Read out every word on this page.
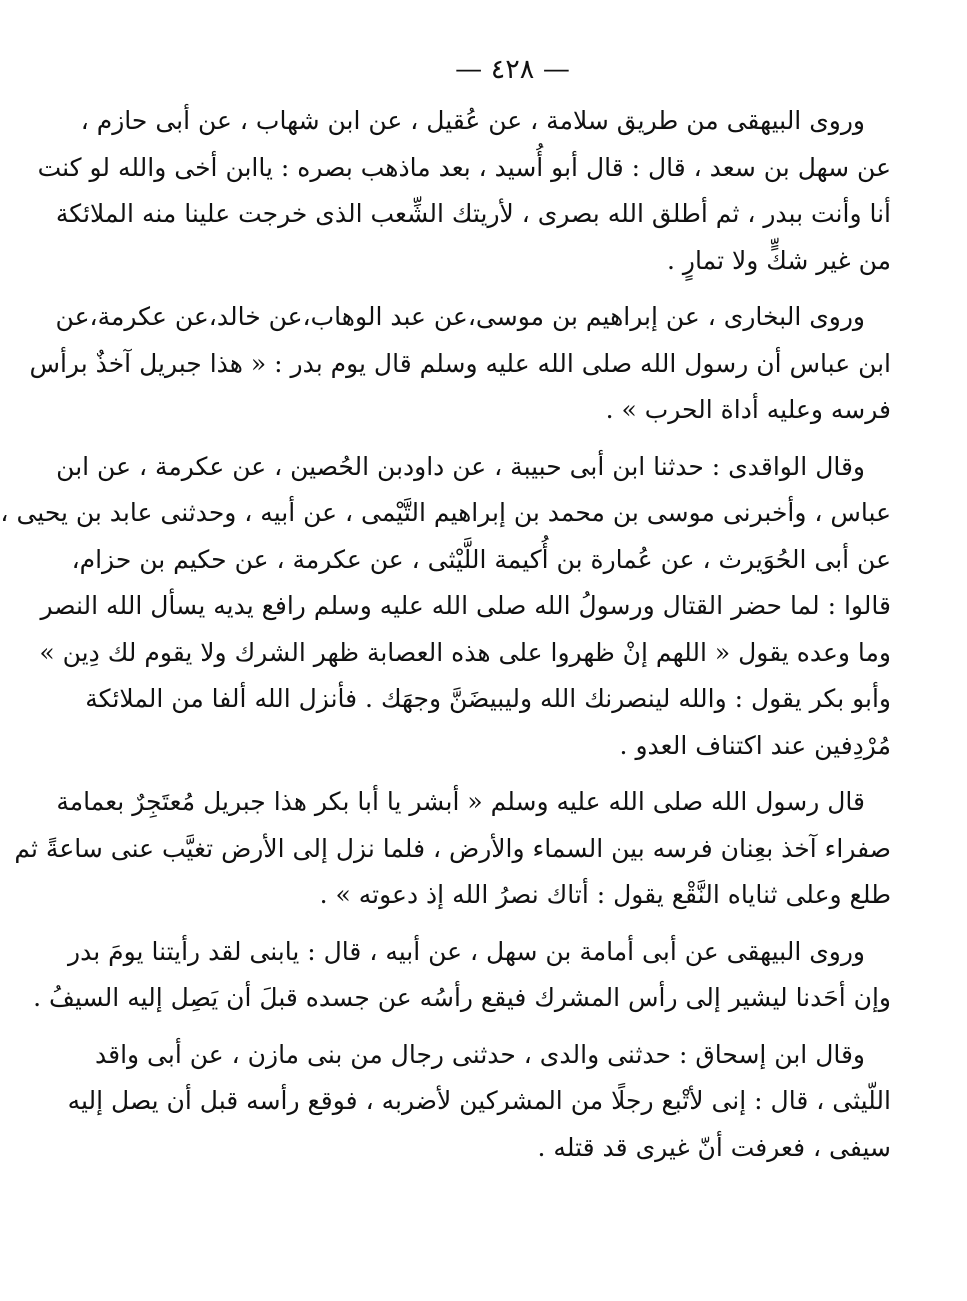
— ٤٢٨ —
وروى البيهقى من طريق سلامة ، عن عُقيل ، عن ابن شهاب ، عن أبى حازم ،
عن سهل بن سعد ، قال : قال أبو أُسيد ، بعد ماذهب بصره : ياابن أخى والله لو كنت
أنا وأنت ببدر ، ثم أطلق الله بصرى ، لأريتك الشِّعب الذى خرجت علينا منه الملائكة
من غير شكٍّ ولا تمارٍ .
وروى البخارى ، عن إبراهيم بن موسى،عن عبد الوهاب،عن خالد،عن عكرمة،عن
ابن عباس أن رسول الله صلى الله عليه وسلم قال يوم بدر : « هذا جبريل آخذٌ برأس
فرسه وعليه أداة الحرب » .
وقال الواقدى : حدثنا ابن أبى حبيبة ، عن داودبن الحُصين ، عن عكرمة ، عن ابن
عباس ، وأخبرنى موسى بن محمد بن إبراهيم التَّيْمى ، عن أبيه ، وحدثنى عابد بن يحيى ،
عن أبى الحُوَيرث ، عن عُمارة بن أُكيمة اللَّيْثى ، عن عكرمة ، عن حكيم بن حزام،
قالوا : لما حضر القتال ورسولُ الله صلى الله عليه وسلم رافع يديه يسأل الله النصر
وما وعده يقول « اللهم إنْ ظهروا على هذه العصابة ظهر الشرك ولا يقوم لك دِين »
وأبو بكر يقول : والله لينصرنك الله وليبيضَنَّ وجهَك . فأنزل الله ألفا من الملائكة
مُرْدِفين عند اكتناف العدو .
قال رسول الله صلى الله عليه وسلم « أبشر يا أبا بكر هذا جبريل مُعتَجِرٌ بعمامة
صفراء آخذ بعِنان فرسه بين السماء والأرض ، فلما نزل إلى الأرض تغيَّب عنى ساعةً ثم
طلع وعلى ثناياه النَّقْع يقول : أتاك نصرُ الله إذ دعوته » .
وروى البيهقى عن أبى أمامة بن سهل ، عن أبيه ، قال : يابنى لقد رأيتنا يومَ بدر
وإن أحَدنا ليشير إلى رأس المشرك فيقع رأسُه عن جسده قبلَ أن يَصِل إليه السيفُ .
وقال ابن إسحاق : حدثنى والدى ، حدثنى رجال من بنى مازن ، عن أبى واقد
اللّيثى ، قال : إنى لأتْبع رجلًا من المشركين لأضربه ، فوقع رأسه قبل أن يصل إليه
سيفى ، فعرفت أنّ غيرى قد قتله .
